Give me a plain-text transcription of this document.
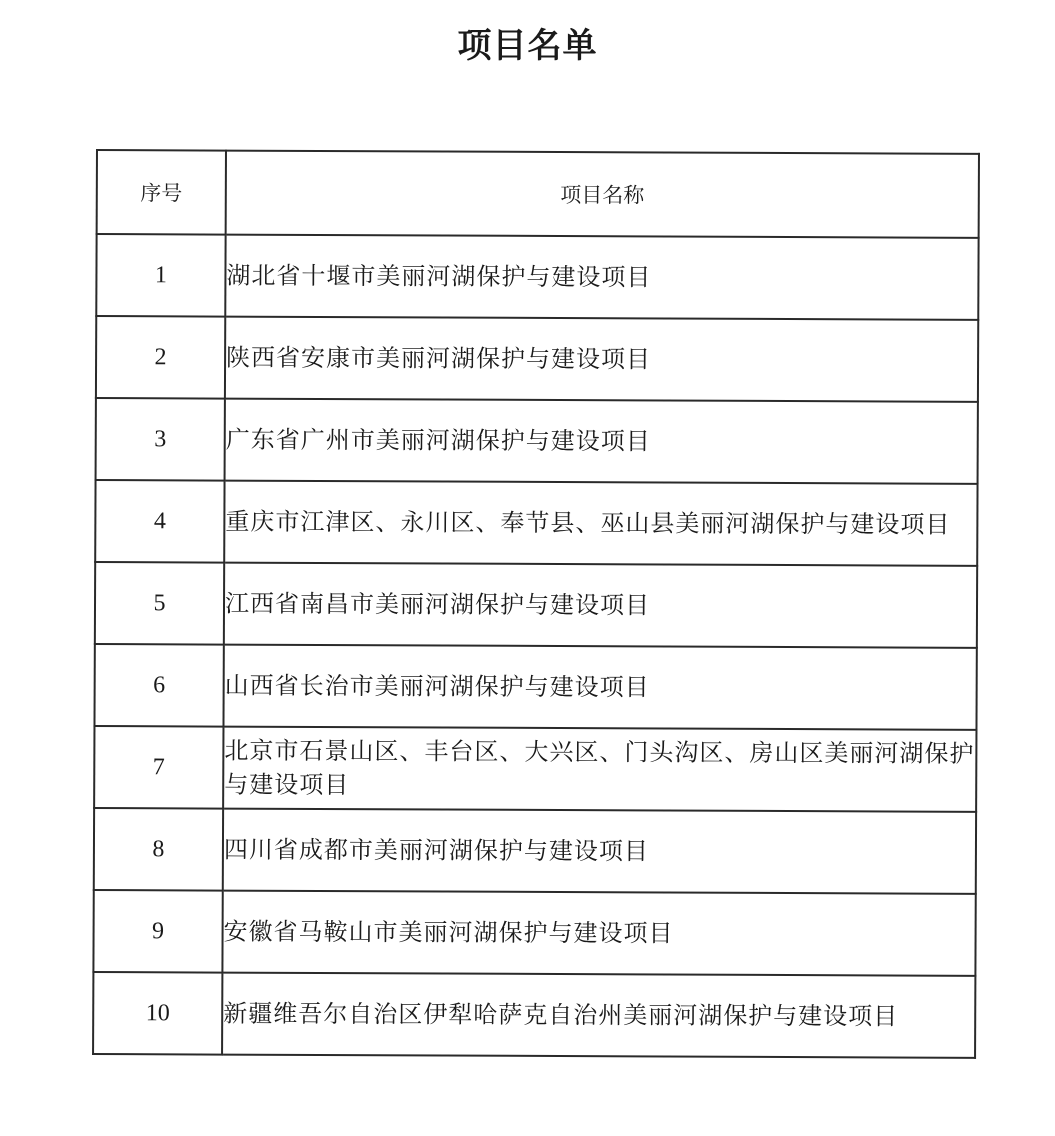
项目名单
序号	项目名称
1	湖北省十堰市美丽河湖保护与建设项目
2	陕西省安康市美丽河湖保护与建设项目
3	广东省广州市美丽河湖保护与建设项目
4	重庆市江津区、永川区、奉节县、巫山县美丽河湖保护与建设项目
5	江西省南昌市美丽河湖保护与建设项目
6	山西省长治市美丽河湖保护与建设项目
7	北京市石景山区、丰台区、大兴区、门头沟区、房山区美丽河湖保护与建设项目
8	四川省成都市美丽河湖保护与建设项目
9	安徽省马鞍山市美丽河湖保护与建设项目
10	新疆维吾尔自治区伊犁哈萨克自治州美丽河湖保护与建设项目
